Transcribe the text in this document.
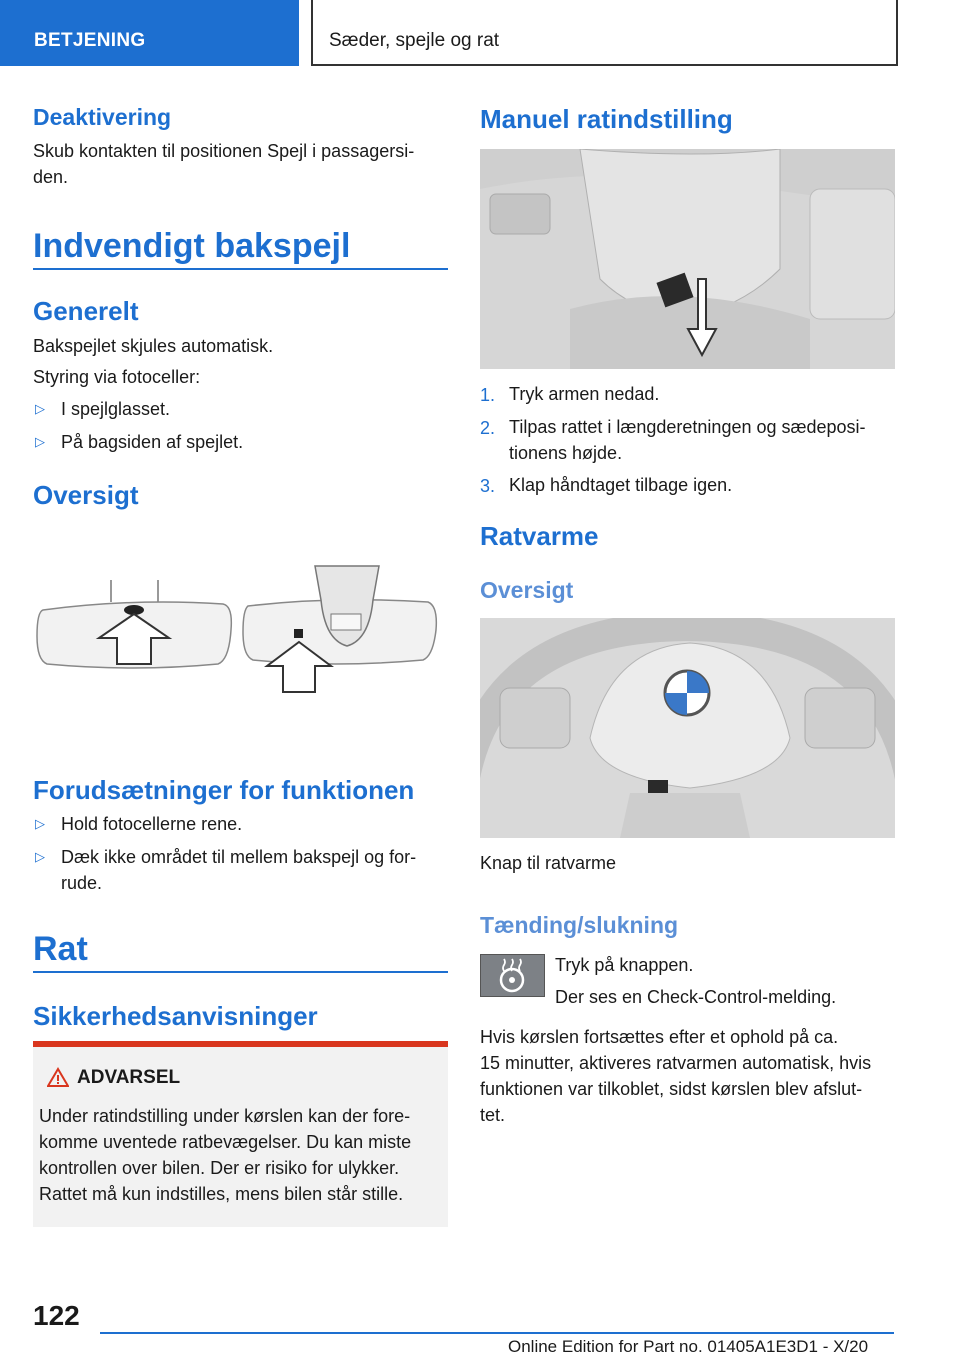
BETJENING	Sæder, spejle og rat
Deaktivering
Skub kontakten til positionen Spejl i passagersi‐
den.
Indvendigt bakspejl
Generelt
Bakspejlet skjules automatisk.
Styring via fotoceller:
▷ I spejlglasset.
▷ På bagsiden af spejlet.
Oversigt
Forudsætninger for funktionen
▷ Hold fotocellerne rene.
▷ Dæk ikke området til mellem bakspejl og for‐
rude.
Rat
Sikkerhedsanvisninger
ADVARSEL
Under ratindstilling under kørslen kan der fore‐
komme uventede ratbevægelser. Du kan miste
kontrollen over bilen. Der er risiko for ulykker.
Rattet må kun indstilles, mens bilen står stille.
Manuel ratindstilling
1. Tryk armen nedad.
2. Tilpas rattet i længderetningen og sædeposi‐
tionens højde.
3. Klap håndtaget tilbage igen.
Ratvarme
Oversigt
Knap til ratvarme
Tænding/slukning
Tryk på knappen.
Der ses en Check-Control-melding.
Hvis kørslen fortsættes efter et ophold på ca.
15 minutter, aktiveres ratvarmen automatisk, hvis
funktionen var tilkoblet, sidst kørslen blev afslut‐
tet.
122
Online Edition for Part no. 01405A1E3D1 - X/20
